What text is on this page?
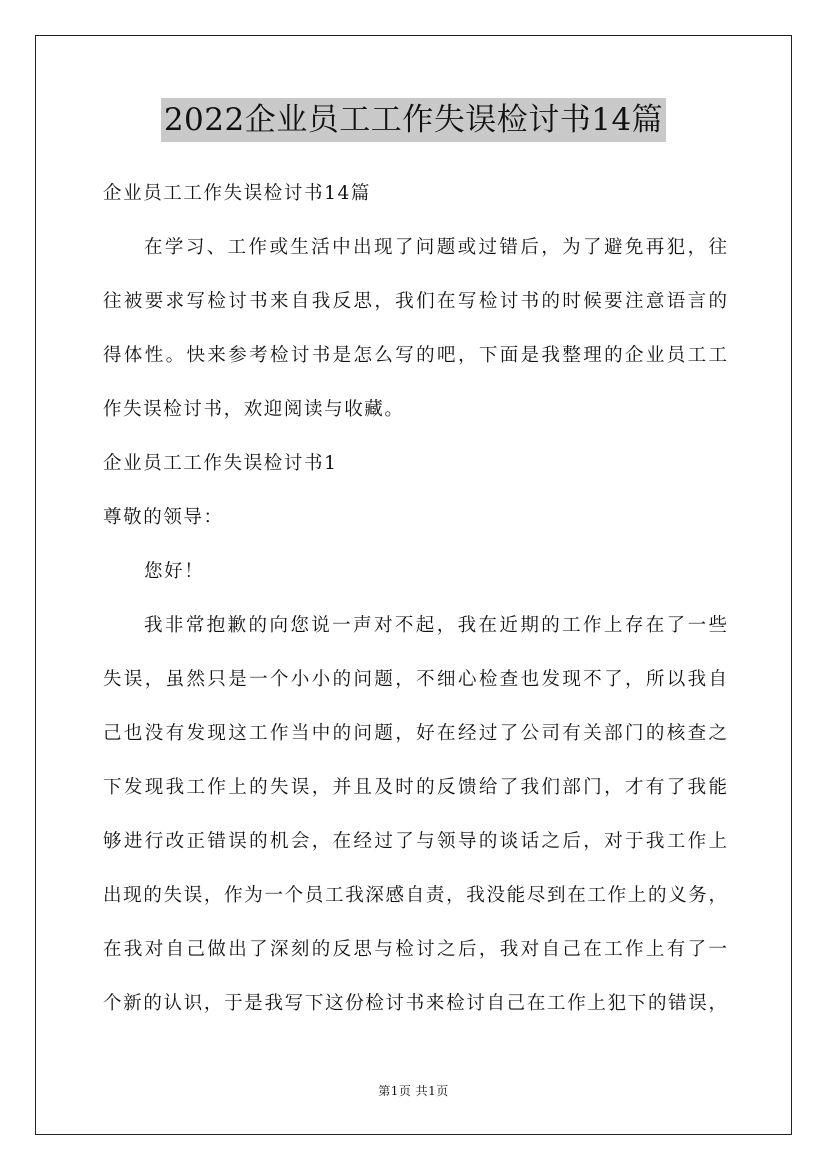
2022企业员工工作失误检讨书14篇
企业员工工作失误检讨书14篇
在学习、工作或生活中出现了问题或过错后，为了避免再犯，往
往被要求写检讨书来自我反思，我们在写检讨书的时候要注意语言的
得体性。快来参考检讨书是怎么写的吧，下面是我整理的企业员工工
作失误检讨书，欢迎阅读与收藏。
企业员工工作失误检讨书1
尊敬的领导：
您好！
我非常抱歉的向您说一声对不起，我在近期的工作上存在了一些
失误，虽然只是一个小小的问题，不细心检查也发现不了，所以我自
己也没有发现这工作当中的问题，好在经过了公司有关部门的核查之
下发现我工作上的失误，并且及时的反馈给了我们部门，才有了我能
够进行改正错误的机会，在经过了与领导的谈话之后，对于我工作上
出现的失误，作为一个员工我深感自责，我没能尽到在工作上的义务，
在我对自己做出了深刻的反思与检讨之后，我对自己在工作上有了一
个新的认识，于是我写下这份检讨书来检讨自己在工作上犯下的错误，
第1页 共1页
